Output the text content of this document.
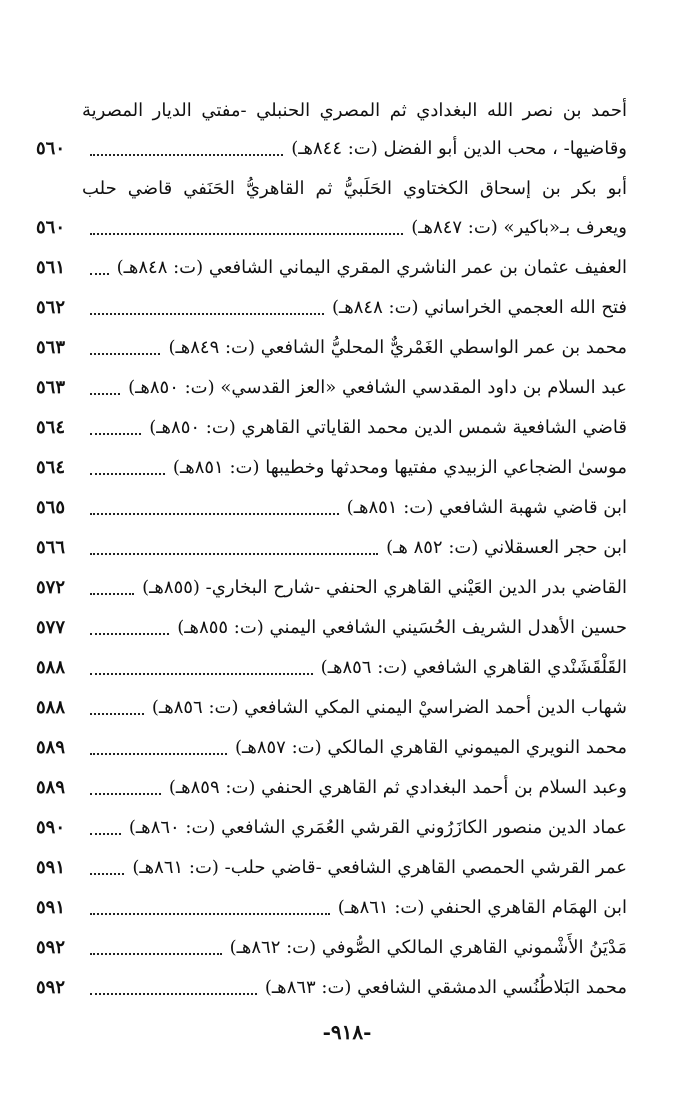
أحمد بن نصر الله البغدادي ثم المصري الحنبلي -مفتي الديار المصرية
وقاضيها- ، محب الدين أبو الفضل (ت: ٨٤٤هـ)
٥٦٠
أبو بكر بن إسحاق الكختاوي الحَلَبيُّ ثم القاهريُّ الحَنَفي قاضي حلب
ويعرف بـ«باكير» (ت: ٨٤٧هـ)
٥٦٠
العفيف عثمان بن عمر الناشري المقري اليماني الشافعي (ت: ٨٤٨هـ)
٥٦١
فتح الله العجمي الخراساني (ت: ٨٤٨هـ)
٥٦٢
محمد بن عمر الواسطي الغَمْريٌّ المحليُّ الشافعي (ت: ٨٤٩هـ)
٥٦٣
عبد السلام بن داود المقدسي الشافعي «العز القدسي» (ت: ٨٥٠هـ)
٥٦٣
قاضي الشافعية شمس الدين محمد القاياتي القاهري (ت: ٨٥٠هـ)
٥٦٤
موسىٰ الضجاعي الزبيدي مفتيها ومحدثها وخطيبها (ت: ٨٥١هـ)
٥٦٤
ابن قاضي شهبة الشافعي (ت: ٨٥١هـ)
٥٦٥
ابن حجر العسقلاني (ت: ٨٥٢ هـ)
٥٦٦
القاضي بدر الدين العَيْني القاهري الحنفي -شارح البخاري- (٨٥٥هـ)
٥٧٢
حسين الأهدل الشريف الحُسَيني الشافعي اليمني (ت: ٨٥٥هـ)
٥٧٧
القَلْقَشَنْدي القاهري الشافعي (ت: ٨٥٦هـ)
٥٨٨
شهاب الدين أحمد الضراسيْ اليمني المكي الشافعي (ت: ٨٥٦هـ)
٥٨٨
محمد النويري الميموني القاهري المالكي (ت: ٨٥٧هـ)
٥٨٩
وعبد السلام بن أحمد البغدادي ثم القاهري الحنفي (ت: ٨٥٩هـ)
٥٨٩
عماد الدين منصور الكازَرُوني القرشي العُمَري الشافعي (ت: ٨٦٠هـ)
٥٩٠
عمر القرشي الحمصي القاهري الشافعي -قاضي حلب- (ت: ٨٦١هـ)
٥٩١
ابن الهمَام القاهري الحنفي (ت: ٨٦١هـ)
٥٩١
مَدْيَنُ الأَشْموني القاهري المالكي الصُّوفي (ت: ٨٦٢هـ)
٥٩٢
محمد البَلاطُنُسي الدمشقي الشافعي (ت: ٨٦٣هـ)
٥٩٢
-٩١٨-
